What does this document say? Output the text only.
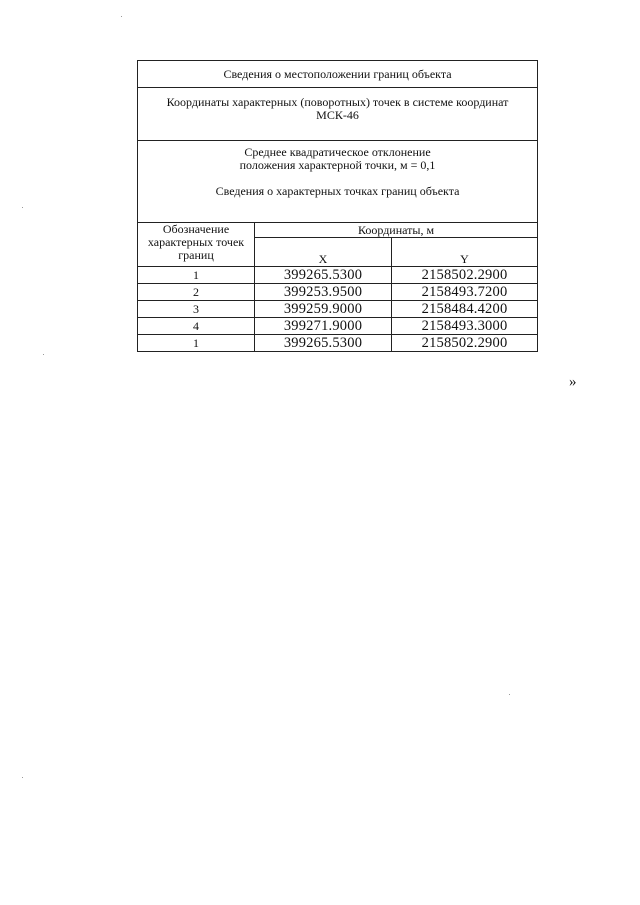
Сведения о местоположении границ объекта		
Координаты характерных (поворотных) точек в системе координат
МСК-46		

Среднее квадратическое отклонение
положения характерной точки, м = 0,1
Сведения о характерных точках границ объекта		

Обозначение
характерных точек
границ	Координаты, м	
	X	Y
1	399265.5300	2158502.2900
2	399253.9500	2158493.7200
3	399259.9000	2158484.4200
4	399271.9000	2158493.3000
1	399265.5300	2158502.2900
»
